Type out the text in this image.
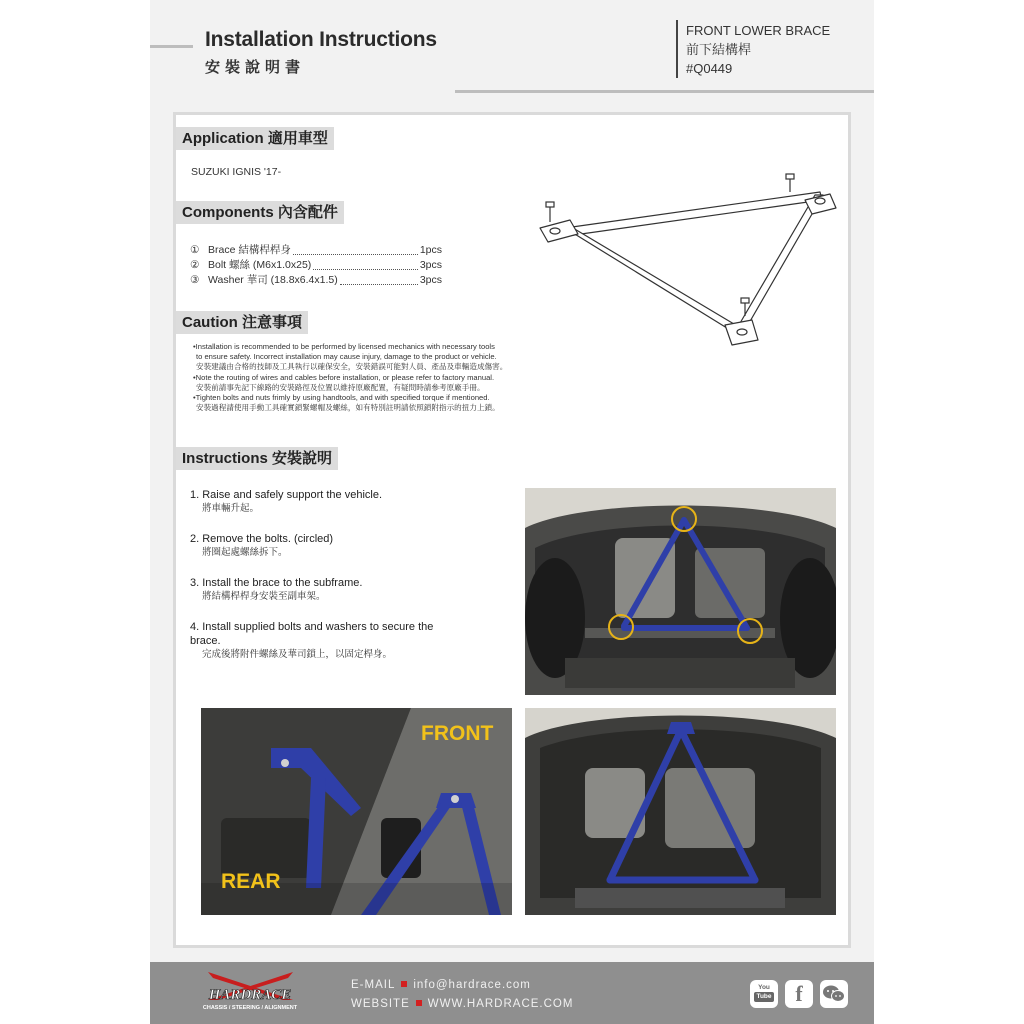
Installation Instructions
安裝說明書
FRONT LOWER BRACE
前下結構桿
#Q0449
Application 適用車型
SUZUKI IGNIS '17-
Components 內含配件
① Brace 結構桿桿身	1pcs
② Bolt 螺絲 (M6x1.0x25)	3pcs
③ Washer 華司 (18.8x6.4x1.5)	3pcs
Caution 注意事項
•Installation is recommended to be performed by licensed mechanics with necessary tools
to ensure safety. Incorrect installation may cause injury, damage to the product or vehicle.
安裝建議由合格的技師及工具執行以確保安全，安裝錯誤可能對人員、產品及車輛造成傷害。
•Note the routing of wires and cables before installation, or please refer to factory manual.
安裝前請事先記下線路的安裝路徑及位置以維持原廠配置，有疑問時請參考原廠手冊。
•Tighten bolts and nuts frimly by using handtools, and with specified torque if mentioned.
安裝過程請使用手動工具確實鎖緊螺帽及螺絲，如有特別註明請依照鎖附指示的扭力上鎖。
Instructions 安裝說明
1. Raise and safely support the vehicle.
將車輛升起。
2. Remove the bolts. (circled)
將圈起處螺絲拆下。
3. Install the brace to the subframe.
將結構桿桿身安裝至副車架。
4. Install supplied bolts and washers to secure the brace.
完成後將附件螺絲及華司鎖上，以固定桿身。
FRONT
REAR
HARDRACE
CHASSIS / STEERING / ALIGNMENT
E-MAIL info@hardrace.com
WEBSITE WWW.HARDRACE.COM
You
Tube	f
